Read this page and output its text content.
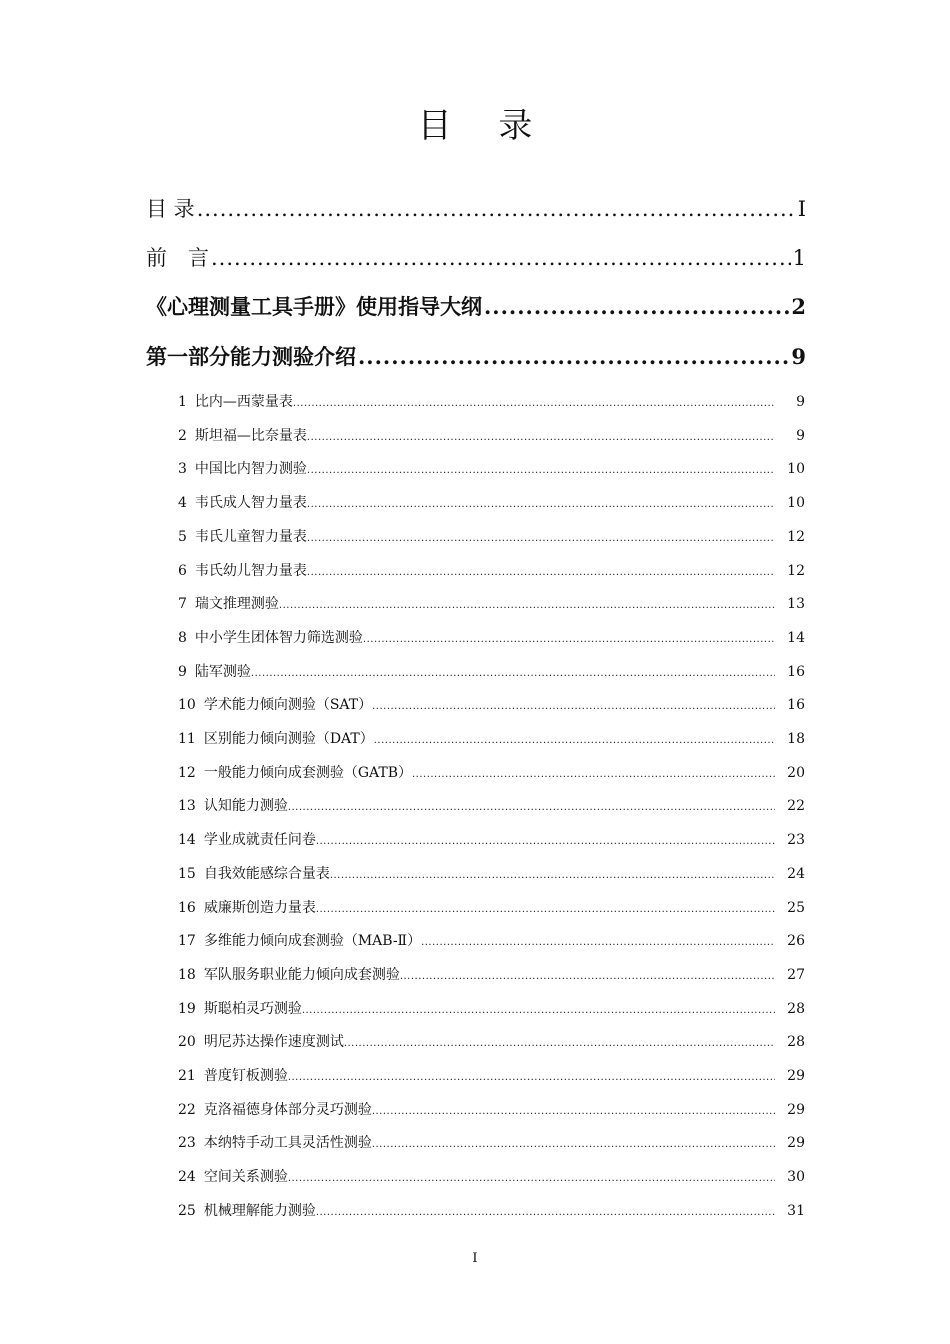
目 录
目 录 .....	I
前　言 .....	1
《心理测量工具手册》使用指导大纲 .....	2
第一部分能力测验介绍 .....	9
1 比内—西蒙量表 .....	9
2 斯坦福—比奈量表 .....	9
3 中国比内智力测验 .....	10
4 韦氏成人智力量表 .....	10
5 韦氏儿童智力量表 .....	12
6 韦氏幼儿智力量表 .....	12
7 瑞文推理测验 .....	13
8 中小学生团体智力筛选测验 .....	14
9 陆军测验 .....	16
10 学术能力倾向测验（SAT） .....	16
11 区别能力倾向测验（DAT） .....	18
12 一般能力倾向成套测验（GATB） .....	20
13 认知能力测验 .....	22
14 学业成就责任问卷 .....	23
15 自我效能感综合量表 .....	24
16 威廉斯创造力量表 .....	25
17 多维能力倾向成套测验（MAB-Ⅱ） .....	26
18 军队服务职业能力倾向成套测验 .....	27
19 斯聪柏灵巧测验 .....	28
20 明尼苏达操作速度测试 .....	28
21 普度钉板测验 .....	29
22 克洛福德身体部分灵巧测验 .....	29
23 本纳特手动工具灵活性测验 .....	29
24 空间关系测验 .....	30
25 机械理解能力测验 .....	31
I
